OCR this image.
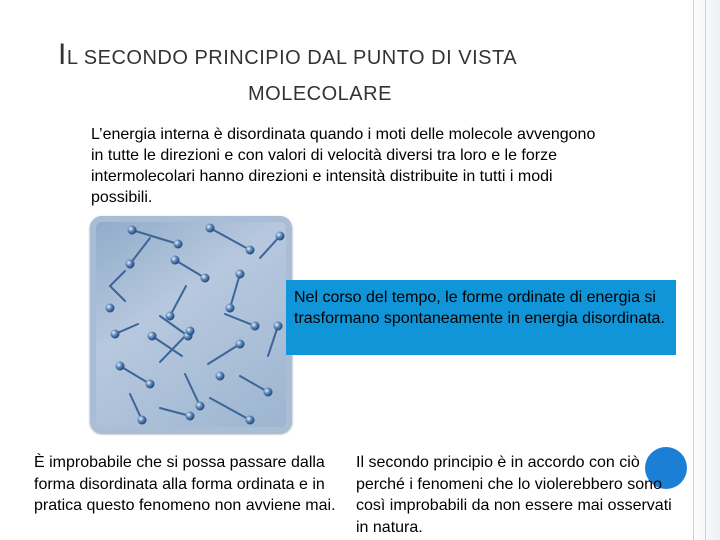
IL SECONDO PRINCIPIO DAL PUNTO DI VISTA
MOLECOLARE
L’energia interna è disordinata quando i moti delle molecole avvengono in tutte le direzioni e con valori di velocità diversi tra loro e le forze intermolecolari hanno direzioni e intensità distribuite in tutti i modi possibili.
Nel corso del tempo, le forme ordinate di energia si trasformano spontaneamente in energia disordinata.
È improbabile che si possa passare dalla forma disordinata alla forma ordinata e in pratica questo fenomeno non avviene mai.
Il secondo principio è in accordo con ciò perché i fenomeni che lo violerebbero sono così improbabili da non essere mai osservati in natura.
